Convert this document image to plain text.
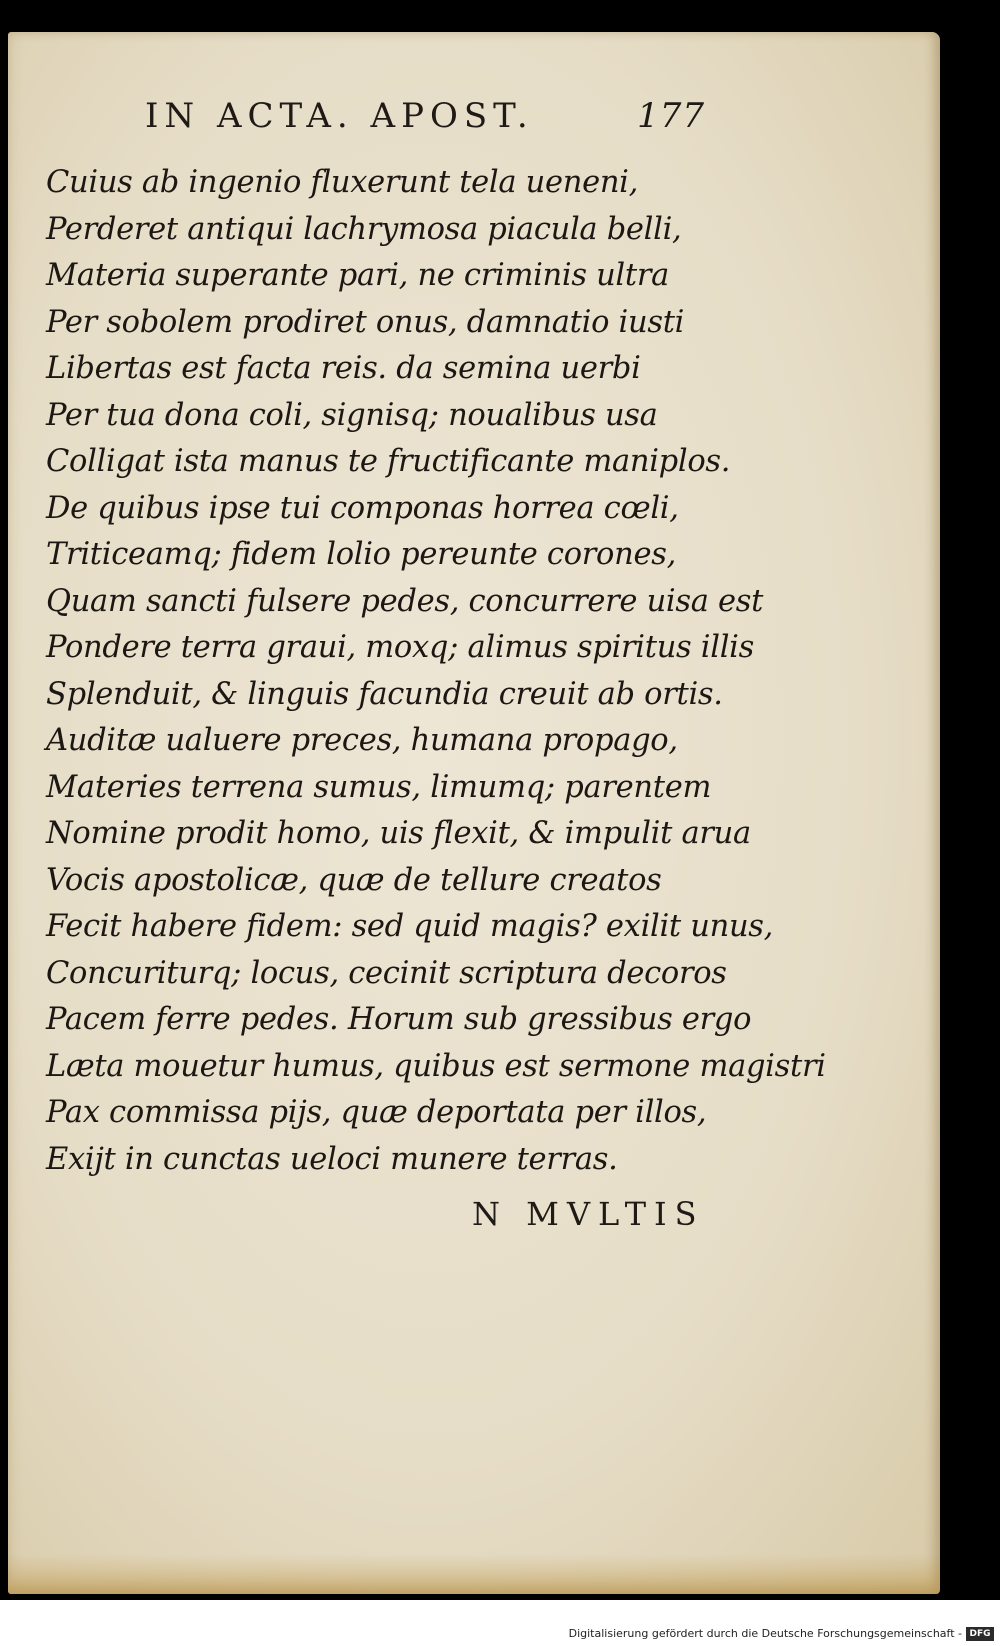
IN ACTA. APOST.	177
Cuius ab ingenio fluxerunt tela ueneni,
Perderet antiqui lachrymosa piacula belli,
Materia superante pari, ne criminis ultra
Per sobolem prodiret onus, damnatio iusti
Libertas est facta reis. da semina uerbi
Per tua dona coli, signisq; noualibus usa
Colligat ista manus te fructificante maniplos.
De quibus ipse tui componas horrea cœli,
Triticeamq; fidem lolio pereunte corones,
Quam sancti fulsere pedes, concurrere uisa est
Pondere terra graui, moxq; alimus spiritus illis
Splenduit, & linguis facundia creuit ab ortis.
Auditæ ualuere preces, humana propago,
Materies terrena sumus, limumq; parentem
Nomine prodit homo, uis flexit, & impulit arua
Vocis apostolicæ, quæ de tellure creatos
Fecit habere fidem: sed quid magis? exilit unus,
Concuriturq; locus, cecinit scriptura decoros
Pacem ferre pedes. Horum sub gressibus ergo
Læta mouetur humus, quibus est sermone magistri
Pax commissa pijs, quæ deportata per illos,
Exijt in cunctas ueloci munere terras.
N MVLTIS
Digitalisierung gefördert durch die Deutsche Forschungsgemeinschaft - DFG
